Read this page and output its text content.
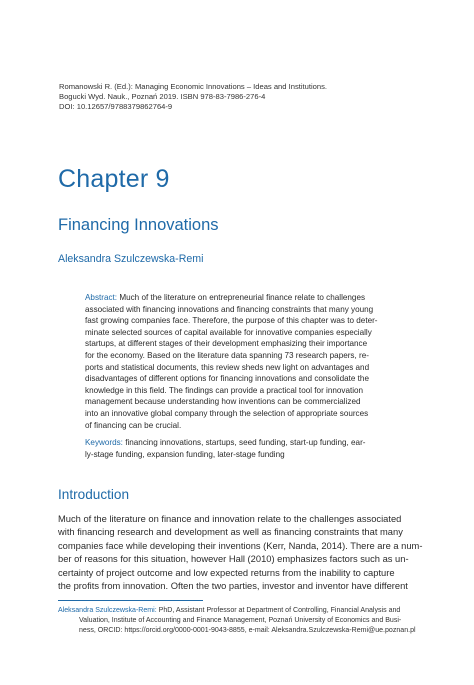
Romanowski R. (Ed.): Managing Economic Innovations – Ideas and Institutions.
Bogucki Wyd. Nauk., Poznań 2019. ISBN 978-83-7986-276-4
DOI: 10.12657/9788379862764-9
Chapter 9
Financing Innovations
Aleksandra Szulczewska-Remi
Abstract: Much of the literature on entrepreneurial finance relate to challenges
associated with financing innovations and financing constraints that many young
fast growing companies face. Therefore, the purpose of this chapter was to deter-
minate selected sources of capital available for innovative companies especially
startups, at different stages of their development emphasizing their importance
for the economy. Based on the literature data spanning 73 research papers, re-
ports and statistical documents, this review sheds new light on advantages and
disadvantages of different options for financing innovations and consolidate the
knowledge in this field. The findings can provide a practical tool for innovation
management because understanding how inventions can be commercialized
into an innovative global company through the selection of appropriate sources
of financing can be crucial.
Keywords: financing innovations, startups, seed funding, start-up funding, ear-
ly-stage funding, expansion funding, later-stage funding
Introduction
Much of the literature on finance and innovation relate to the challenges associated
with financing research and development as well as financing constraints that many
companies face while developing their inventions (Kerr, Nanda, 2014). There are a num-
ber of reasons for this situation, however Hall (2010) emphasizes factors such as un-
certainty of project outcome and low expected returns from the inability to capture
the profits from innovation. Often the two parties, investor and inventor have different
Aleksandra Szulczewska-Remi: PhD, Assistant Professor at Department of Controlling, Financial Analysis and
Valuation, Institute of Accounting and Finance Management, Poznań University of Economics and Busi-
ness, ORCID: https://orcid.org/0000-0001-9043-8855, e-mail: Aleksandra.Szulczewska-Remi@ue.poznan.pl
